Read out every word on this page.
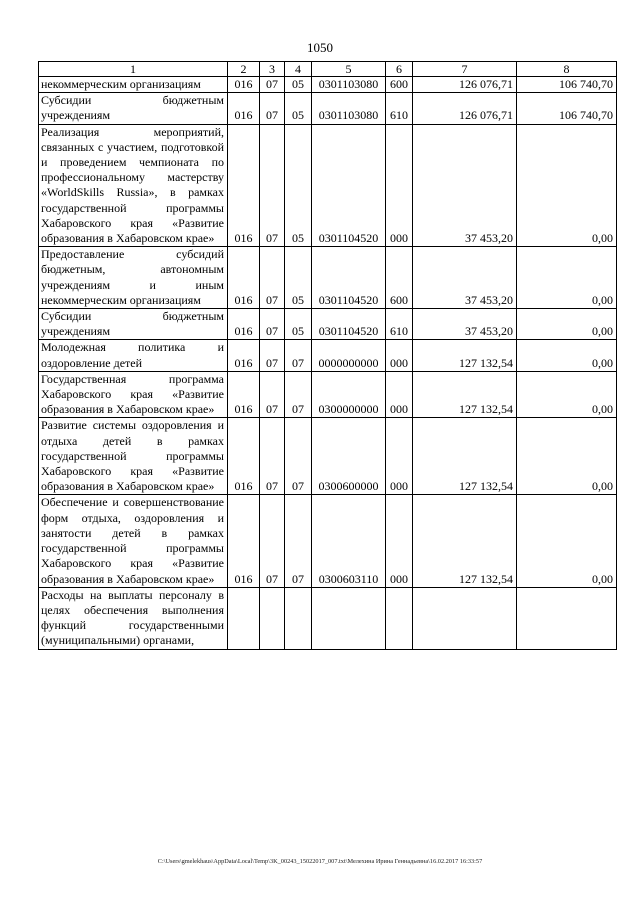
1050
1	2	3	4	5	6	7	8
некоммерческим организациям	016	07	05	0301103080	600	126 076,71	106 740,70
Субсидии бюджетным учреждениям	016	07	05	0301103080	610	126 076,71	106 740,70
Реализация мероприятий, связанных с участием, подготовкой и проведением чемпионата по профессиональному мастерству «WorldSkills Russia», в рамках государственной программы Хабаровского края «Развитие образования в Хабаровском крае»	016	07	05	0301104520	000	37 453,20	0,00
Предоставление субсидий бюджетным, автономным учреждениям и иным некоммерческим организациям	016	07	05	0301104520	600	37 453,20	0,00
Субсидии бюджетным учреждениям	016	07	05	0301104520	610	37 453,20	0,00
Молодежная политика и оздоровление детей	016	07	07	0000000000	000	127 132,54	0,00
Государственная программа Хабаровского края «Развитие образования в Хабаровском крае»	016	07	07	0300000000	000	127 132,54	0,00
Развитие системы оздоровления и отдыха детей в рамках государственной программы Хабаровского края «Развитие образования в Хабаровском крае»	016	07	07	0300600000	000	127 132,54	0,00
Обеспечение и совершенствование форм отдыха, оздоровления и занятости детей в рамках государственной программы Хабаровского края «Развитие образования в Хабаровском крае»	016	07	07	0300603110	000	127 132,54	0,00
Расходы на выплаты персоналу в целях обеспечения выполнения функций государственными (муниципальными) органами,							
C:\Users\gmelekhaus\AppData\Local\Temp\3K_00243_15022017_007.txt\Мелехина Ирина Геннадьевна\16.02.2017 16:33:57
